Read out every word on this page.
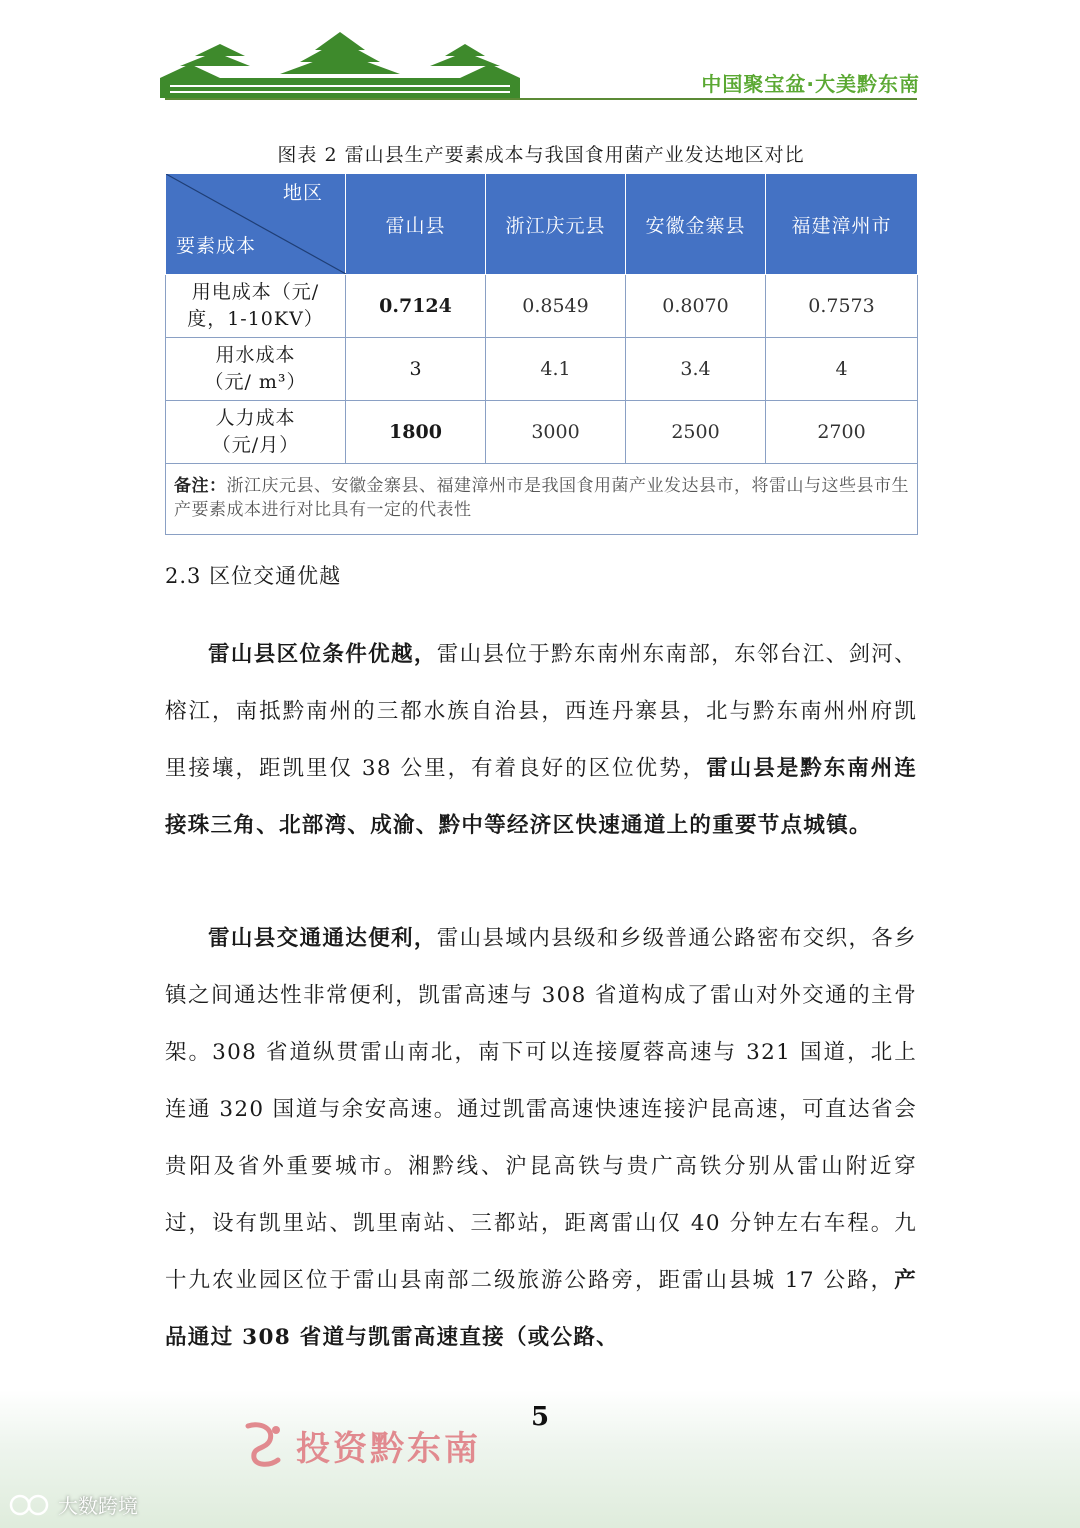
中国聚宝盆·大美黔东南
图表 2 雷山县生产要素成本与我国食用菌产业发达地区对比
地区
要素成本	雷山县	浙江庆元县	安徽金寨县	福建漳州市
用电成本（元/
度，1-10KV）	0.7124	0.8549	0.8070	0.7573
用水成本
（元/ m³）	3	4.1	3.4	4
人力成本
（元/月）	1800	3000	2500	2700
备注：浙江庆元县、安徽金寨县、福建漳州市是我国食用菌产业发达县市，将雷山与这些县市生产要素成本进行对比具有一定的代表性				
2.3 区位交通优越

雷山县区位条件优越，雷山县位于黔东南州东南部，东邻台江、剑河、榕江，南抵黔南州的三都水族自治县，西连丹寨县，北与黔东南州州府凯里接壤，距凯里仅 38 公里，有着良好的区位优势，雷山县是黔东南州连接珠三角、北部湾、成渝、黔中等经济区快速通道上的重要节点城镇。

雷山县交通通达便利，雷山县域内县级和乡级普通公路密布交织，各乡镇之间通达性非常便利，凯雷高速与 308 省道构成了雷山对外交通的主骨架。308 省道纵贯雷山南北，南下可以连接厦蓉高速与 321 国道，北上连通 320 国道与余安高速。通过凯雷高速快速连接沪昆高速，可直达省会贵阳及省外重要城市。湘黔线、沪昆高铁与贵广高铁分别从雷山附近穿过，设有凯里站、凯里南站、三都站，距离雷山仅 40 分钟左右车程。九十九农业园区位于雷山县南部二级旅游公路旁，距雷山县城 17 公路，产品通过 308 省道与凯雷高速直接（或公路、

5
投资黔东南
大数跨境
